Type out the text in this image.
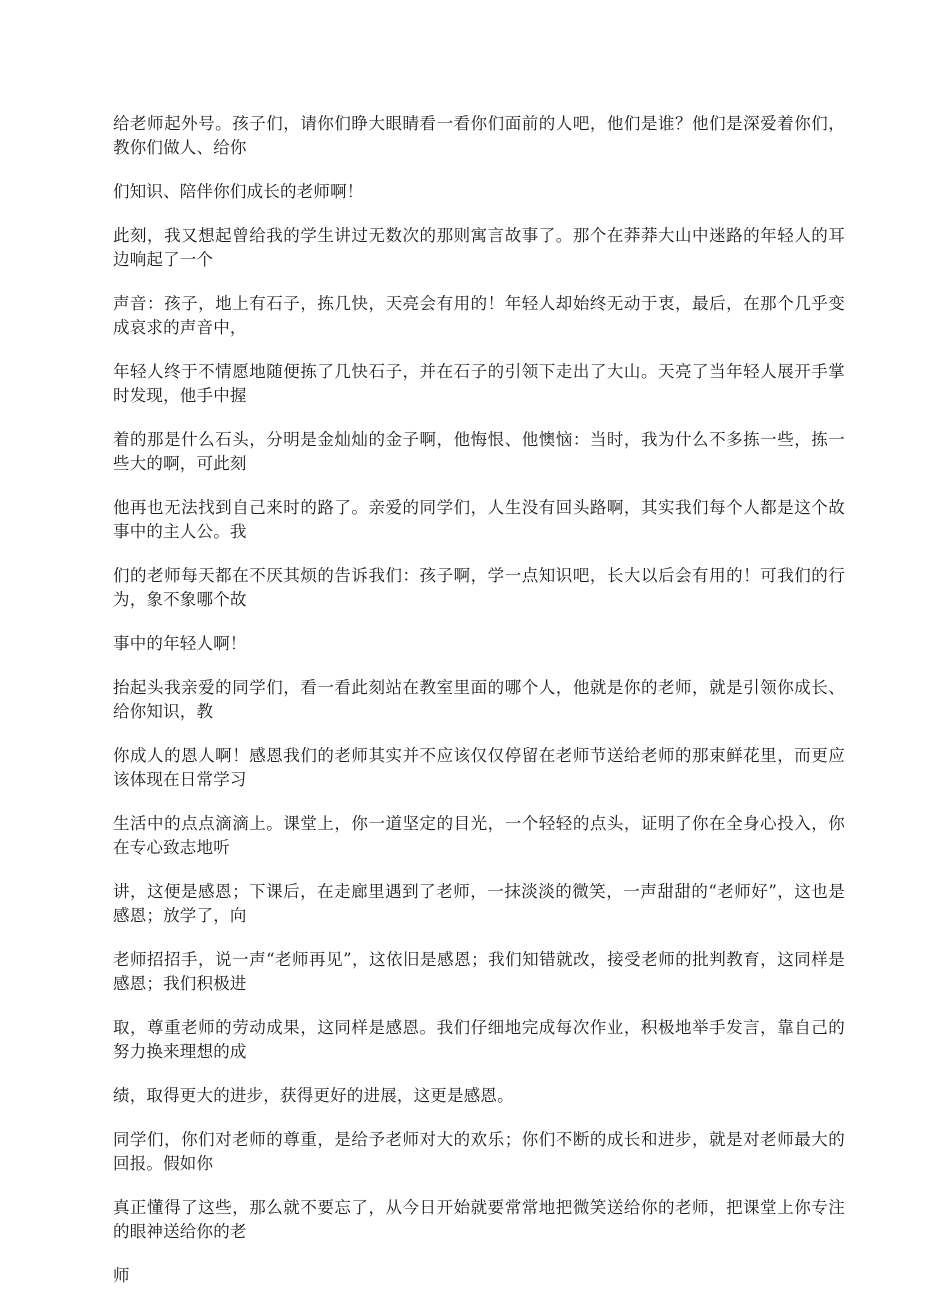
给老师起外号。孩子们，请你们睁大眼睛看一看你们面前的人吧，他们是谁？他们是深爱着你们，教你们做人、给你

们知识、陪伴你们成长的老师啊！

此刻，我又想起曾给我的学生讲过无数次的那则寓言故事了。那个在莽莽大山中迷路的年轻人的耳边响起了一个

声音：孩子，地上有石子，拣几快，天亮会有用的！年轻人却始终无动于衷，最后，在那个几乎变成哀求的声音中，

年轻人终于不情愿地随便拣了几快石子，并在石子的引领下走出了大山。天亮了当年轻人展开手掌时发现，他手中握

着的那是什么石头，分明是金灿灿的金子啊，他悔恨、他懊恼：当时，我为什么不多拣一些，拣一些大的啊，可此刻

他再也无法找到自己来时的路了。亲爱的同学们，人生没有回头路啊，其实我们每个人都是这个故事中的主人公。我

们的老师每天都在不厌其烦的告诉我们：孩子啊，学一点知识吧，长大以后会有用的！可我们的行为，象不象哪个故

事中的年轻人啊！

抬起头我亲爱的同学们，看一看此刻站在教室里面的哪个人，他就是你的老师，就是引领你成长、给你知识，教

你成人的恩人啊！感恩我们的老师其实并不应该仅仅停留在老师节送给老师的那束鲜花里，而更应该体现在日常学习

生活中的点点滴滴上。课堂上，你一道坚定的目光，一个轻轻的点头，证明了你在全身心投入，你在专心致志地听

讲，这便是感恩；下课后，在走廊里遇到了老师，一抹淡淡的微笑，一声甜甜的“老师好”，这也是感恩；放学了，向

老师招招手，说一声“老师再见”，这依旧是感恩；我们知错就改，接受老师的批判教育，这同样是感恩；我们积极进

取，尊重老师的劳动成果，这同样是感恩。我们仔细地完成每次作业，积极地举手发言，靠自己的努力换来理想的成

绩，取得更大的进步，获得更好的进展，这更是感恩。

同学们，你们对老师的尊重，是给予老师对大的欢乐；你们不断的成长和进步，就是对老师最大的回报。假如你

真正懂得了这些，那么就不要忘了，从今日开始就要常常地把微笑送给你的老师，把课堂上你专注的眼神送给你的老

师
